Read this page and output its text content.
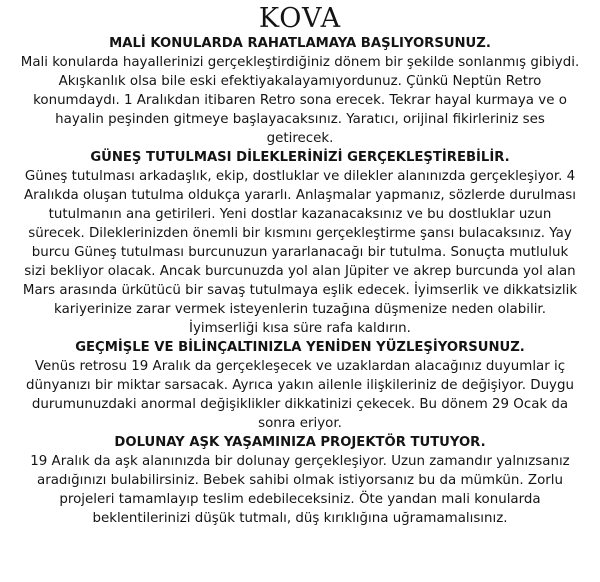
KOVA
MALİ KONULARDA RAHATLAMAYA BAŞLIYORSUNUZ.

Mali konularda hayallerinizi gerçekleştirdiğiniz dönem bir şekilde sonlanmış gibiydi.
Akışkanlık olsa bile eski efektiyakalayamıyordunuz. Çünkü Neptün Retro
konumdaydı. 1 Aralıkdan itibaren Retro sona erecek. Tekrar hayal kurmaya ve o
hayalin peşinden gitmeye başlayacaksınız. Yaratıcı, orijinal fikirleriniz ses
getirecek.

GÜNEŞ TUTULMASI DİLEKLERİNİZİ GERÇEKLEŞTİREBİLİR.

Güneş tutulması arkadaşlık, ekip, dostluklar ve dilekler alanınızda gerçekleşiyor. 4
Aralıkda oluşan tutulma oldukça yararlı. Anlaşmalar yapmanız, sözlerde durulması
tutulmanın ana getirileri. Yeni dostlar kazanacaksınız ve bu dostluklar uzun
sürecek. Dileklerinizden önemli bir kısmını gerçekleştirme şansı bulacaksınız. Yay
burcu Güneş tutulması burcunuzun yararlanacağı bir tutulma. Sonuçta mutluluk
sizi bekliyor olacak. Ancak burcunuzda yol alan Jüpiter ve akrep burcunda yol alan
Mars arasında ürkütücü bir savaş tutulmaya eşlik edecek. İyimserlik ve dikkatsizlik
kariyerinize zarar vermek isteyenlerin tuzağına düşmenize neden olabilir.
İyimserliği kısa süre rafa kaldırın.

GEÇMİŞLE VE BİLİNÇALTINIZLA YENİDEN YÜZLEŞİYORSUNUZ.

Venüs retrosu 19 Aralık da gerçekleşecek ve uzaklardan alacağınız duyumlar iç
dünyanızı bir miktar sarsacak. Ayrıca yakın ailenle ilişkileriniz de değişiyor. Duygu
durumunuzdaki anormal değişiklikler dikkatinizi çekecek. Bu dönem 29 Ocak da
sonra eriyor.

DOLUNAY AŞK YAŞAMINIZA PROJEKTÖR TUTUYOR.

19 Aralık da aşk alanınızda bir dolunay gerçekleşiyor. Uzun zamandır yalnızsanız
aradığınızı bulabilirsiniz. Bebek sahibi olmak istiyorsanız bu da mümkün. Zorlu
projeleri tamamlayıp teslim edebileceksiniz. Öte yandan mali konularda
beklentilerinizi düşük tutmalı, düş kırıklığına uğramamalısınız.
